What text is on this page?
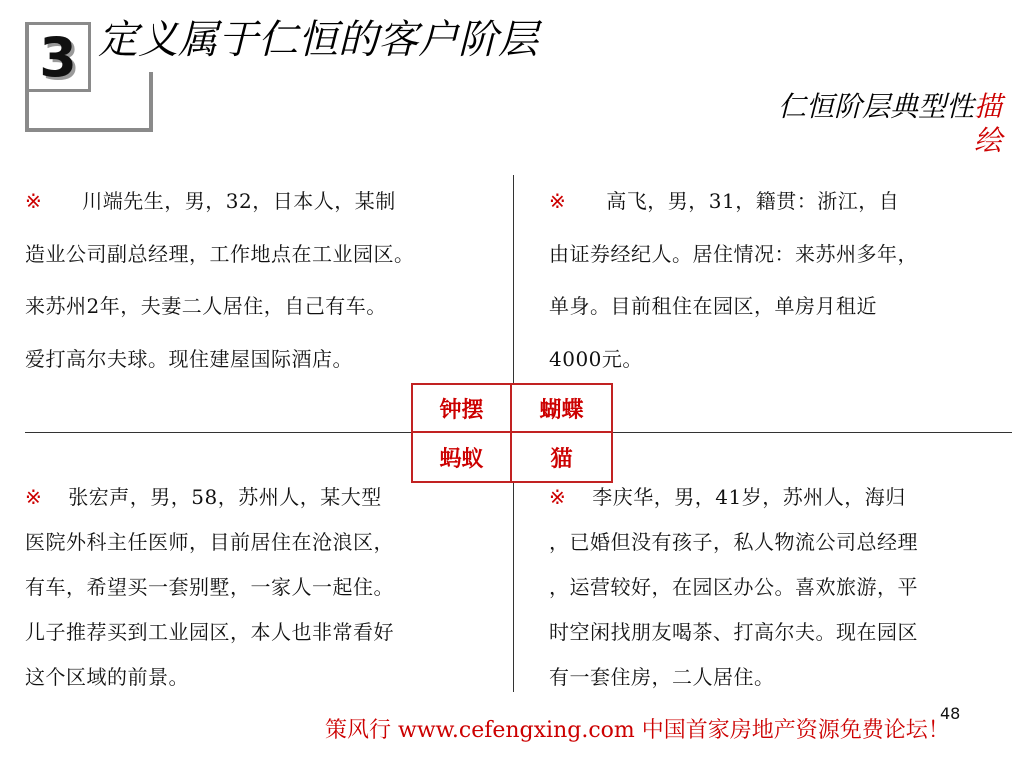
3 定义属于仁恒的客户阶层
仁恒阶层典型性描
绘
※ 川端先生，男，32，日本人，某制
造业公司副总经理，工作地点在工业园区。
来苏州2年，夫妻二人居住，自己有车。
爱打高尔夫球。现住建屋国际酒店。
※ 高飞，男，31，籍贯：浙江，自
由证券经纪人。居住情况：来苏州多年，
单身。目前租住在园区，单房月租近
4000元。
※ 张宏声，男，58，苏州人，某大型
医院外科主任医师，目前居住在沧浪区，
有车，希望买一套别墅，一家人一起住。
儿子推荐买到工业园区，本人也非常看好
这个区域的前景。
※ 李庆华，男，41岁，苏州人，海归
，已婚但没有孩子，私人物流公司总经理
，运营较好，在园区办公。喜欢旅游，平
时空闲找朋友喝茶、打高尔夫。现在园区
有一套住房，二人居住。
钟摆	蝴蝶
蚂蚁	猫
48
策风行 www.cefengxing.com 中国首家房地产资源免费论坛！
